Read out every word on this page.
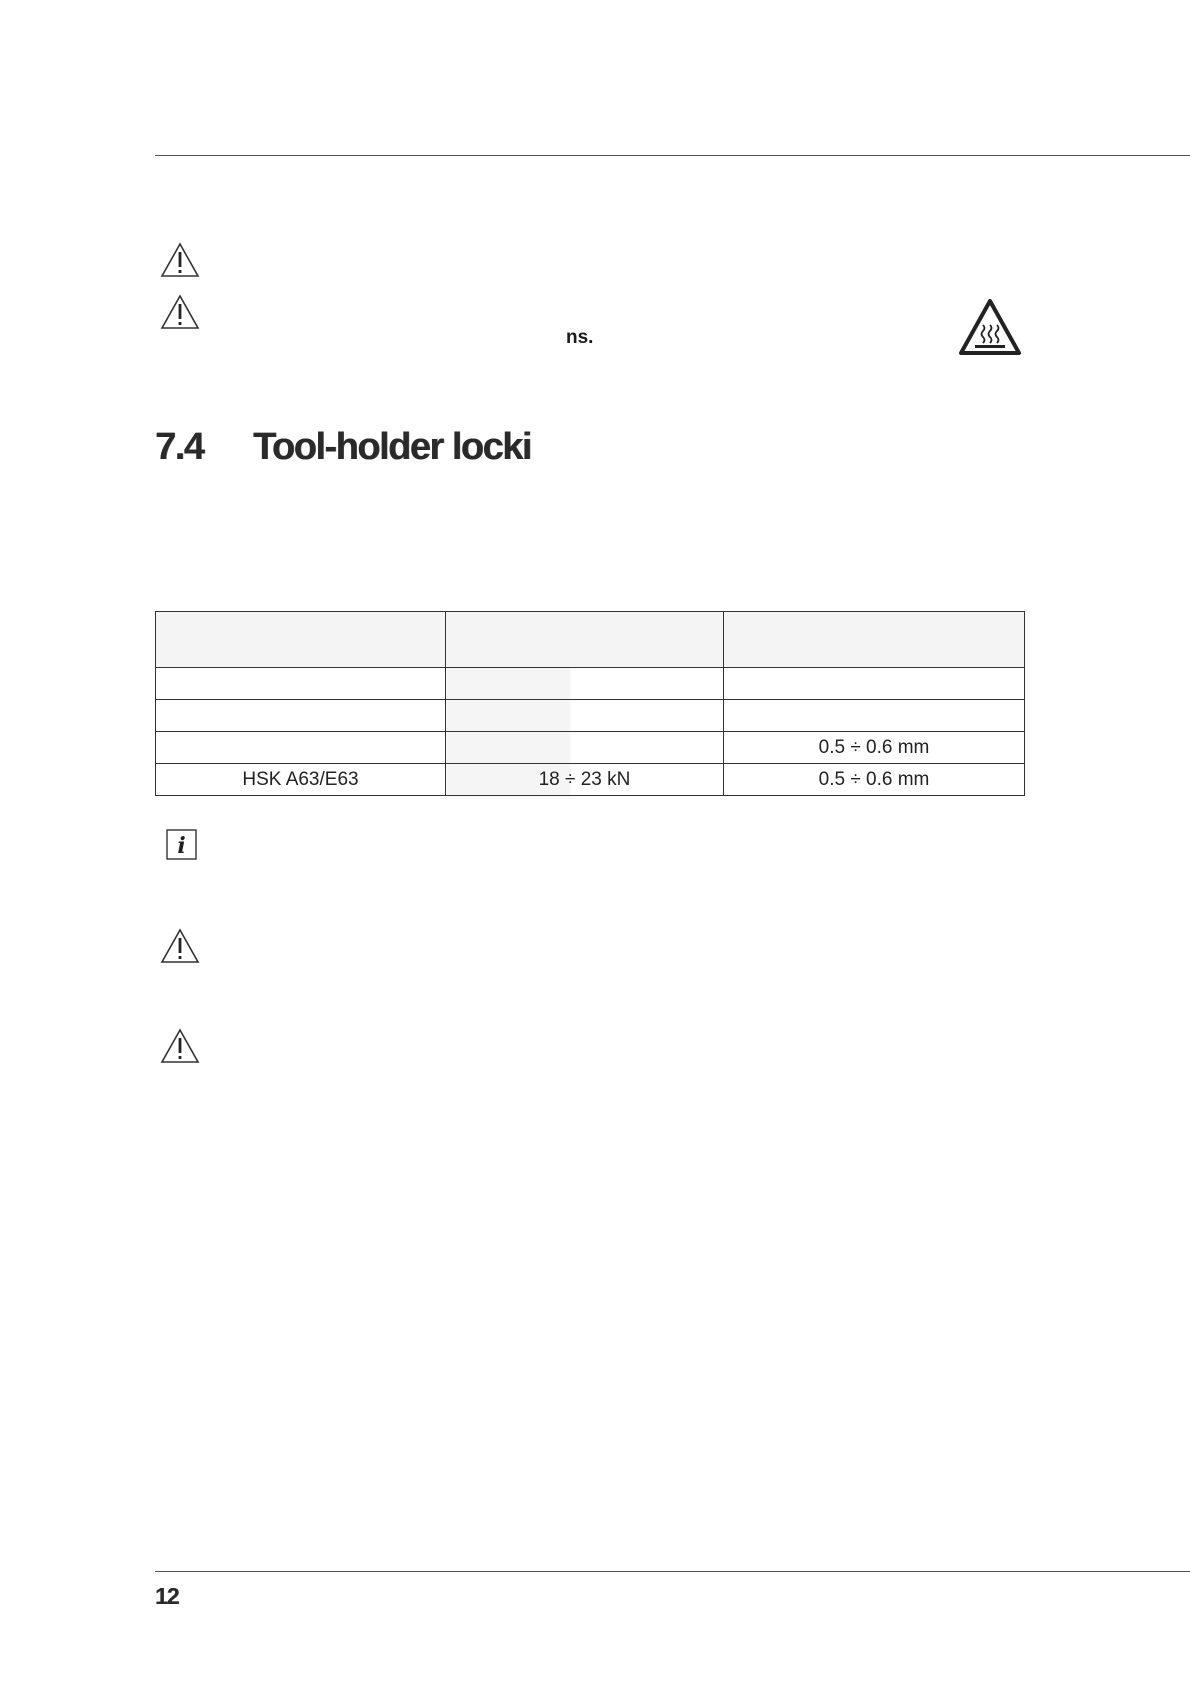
ns.
7.4 Tool-holder locki

		0.5 ÷ 0.6 mm
HSK A63/E63	18 ÷ 23 kN	0.5 ÷ 0.6 mm
i
12
